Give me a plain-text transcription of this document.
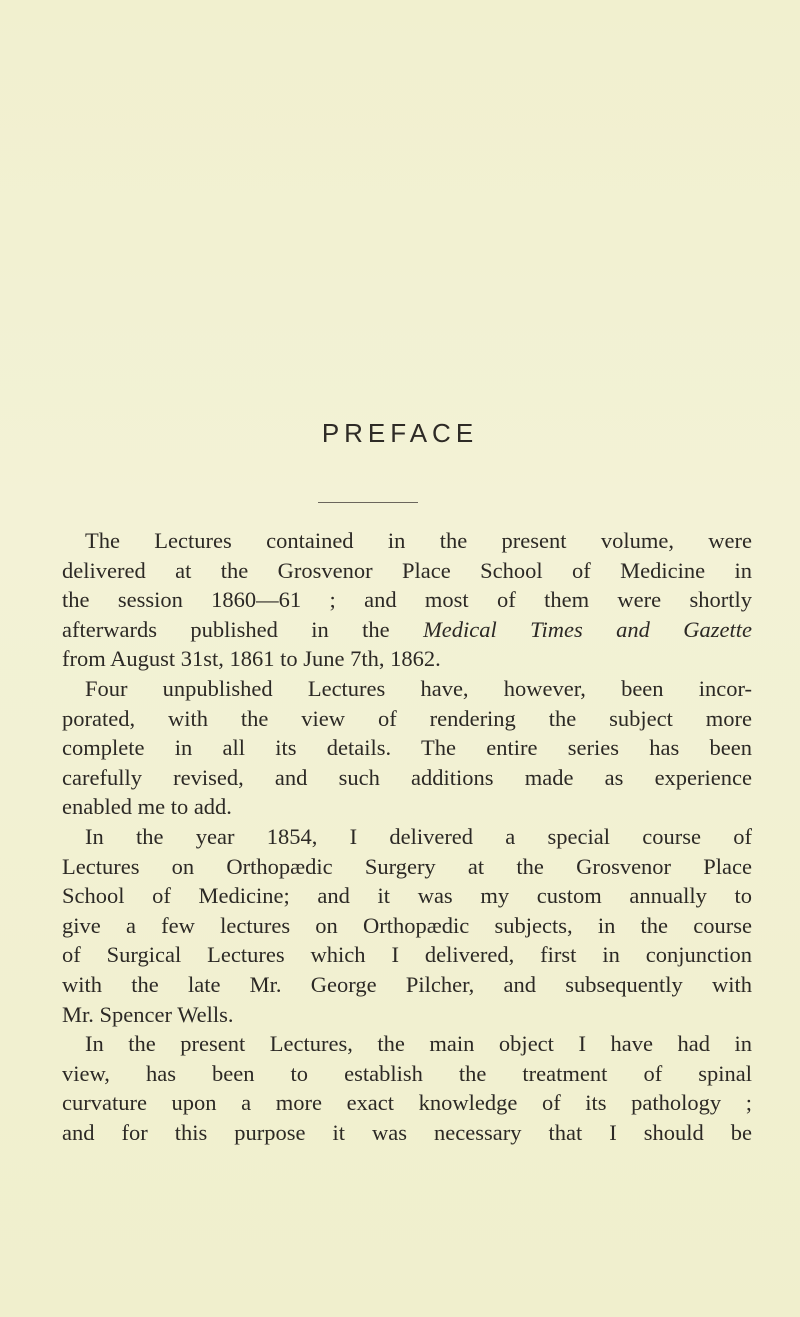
PREFACE
The Lectures contained in the present volume, were
delivered at the Grosvenor Place School of Medicine in
the session 1860—61 ; and most of them were shortly
afterwards published in the Medical Times and Gazette
from August 31st, 1861 to June 7th, 1862.
Four unpublished Lectures have, however, been incor-
porated, with the view of rendering the subject more
complete in all its details. The entire series has been
carefully revised, and such additions made as experience
enabled me to add.
In the year 1854, I delivered a special course of
Lectures on Orthopædic Surgery at the Grosvenor Place
School of Medicine; and it was my custom annually to
give a few lectures on Orthopædic subjects, in the course
of Surgical Lectures which I delivered, first in conjunction
with the late Mr. George Pilcher, and subsequently with
Mr. Spencer Wells.
In the present Lectures, the main object I have had in
view, has been to establish the treatment of spinal
curvature upon a more exact knowledge of its pathology ;
and for this purpose it was necessary that I should be
